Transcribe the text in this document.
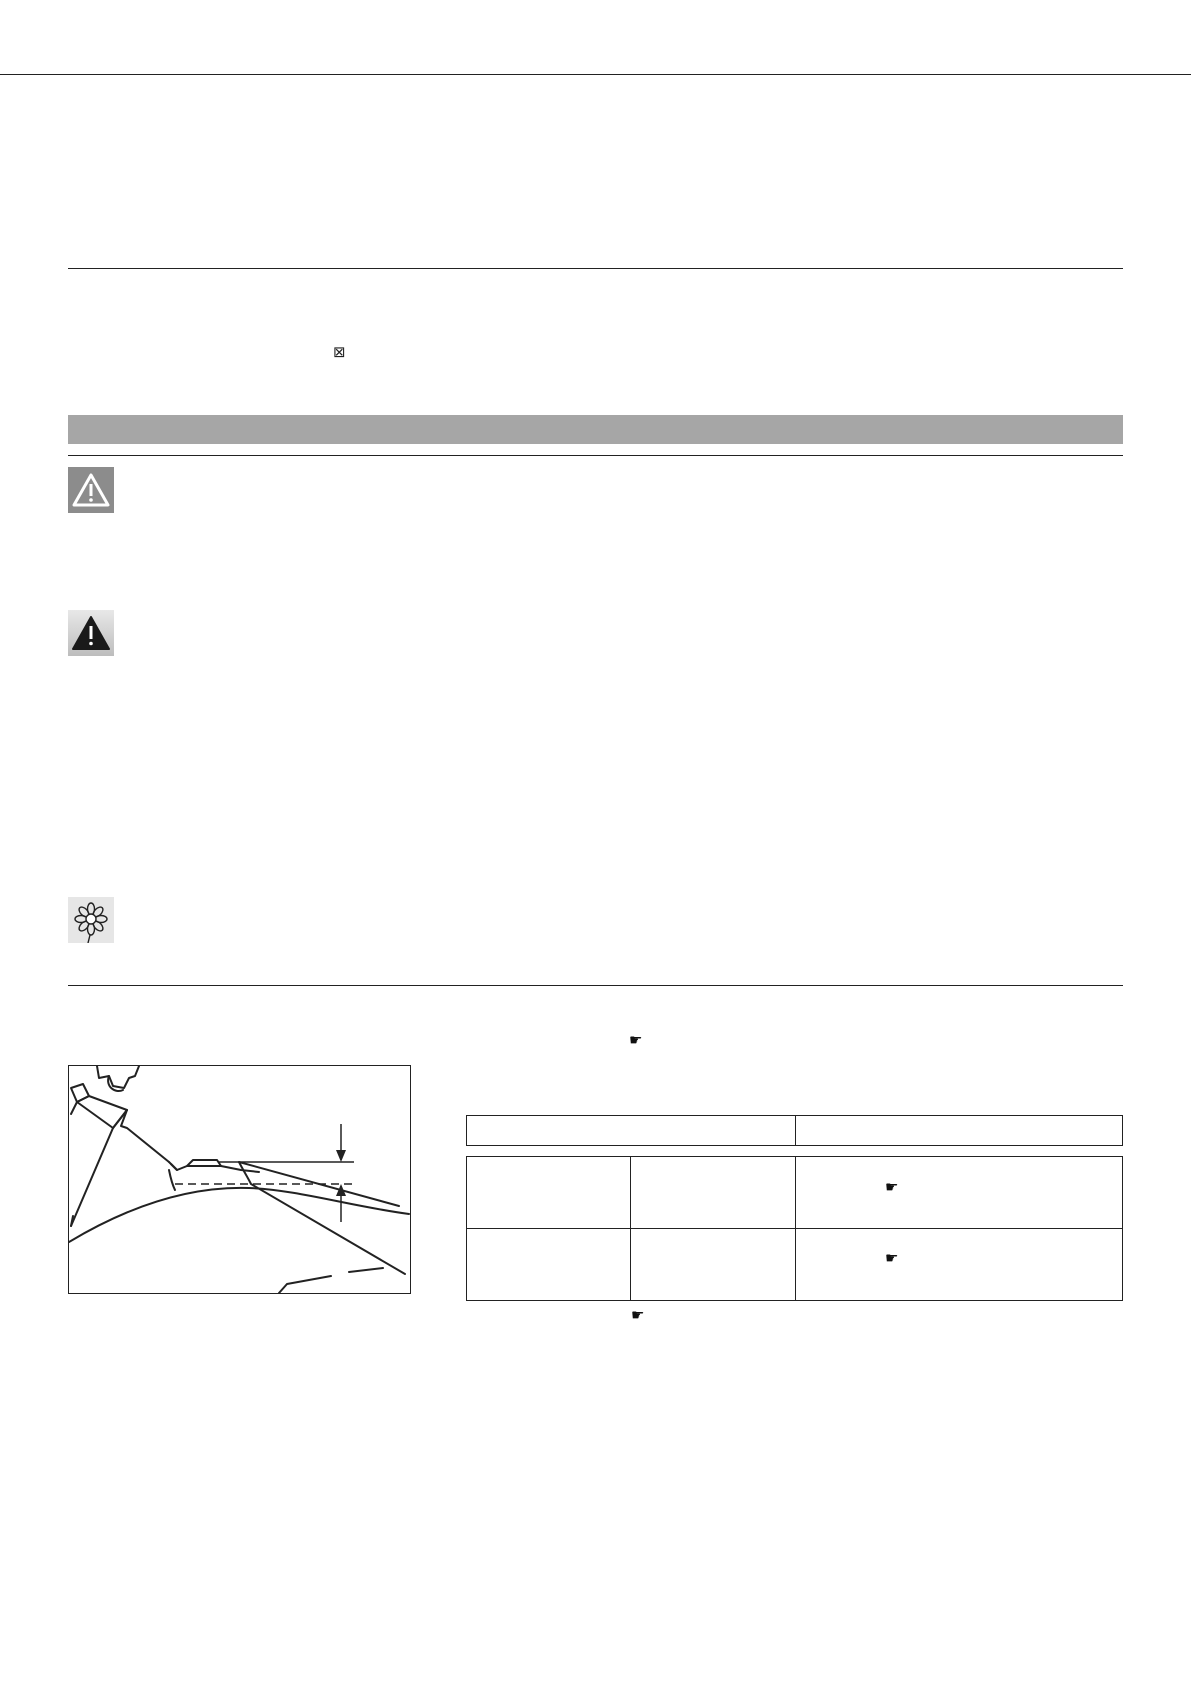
⊠
☛
☛
☛
☛
